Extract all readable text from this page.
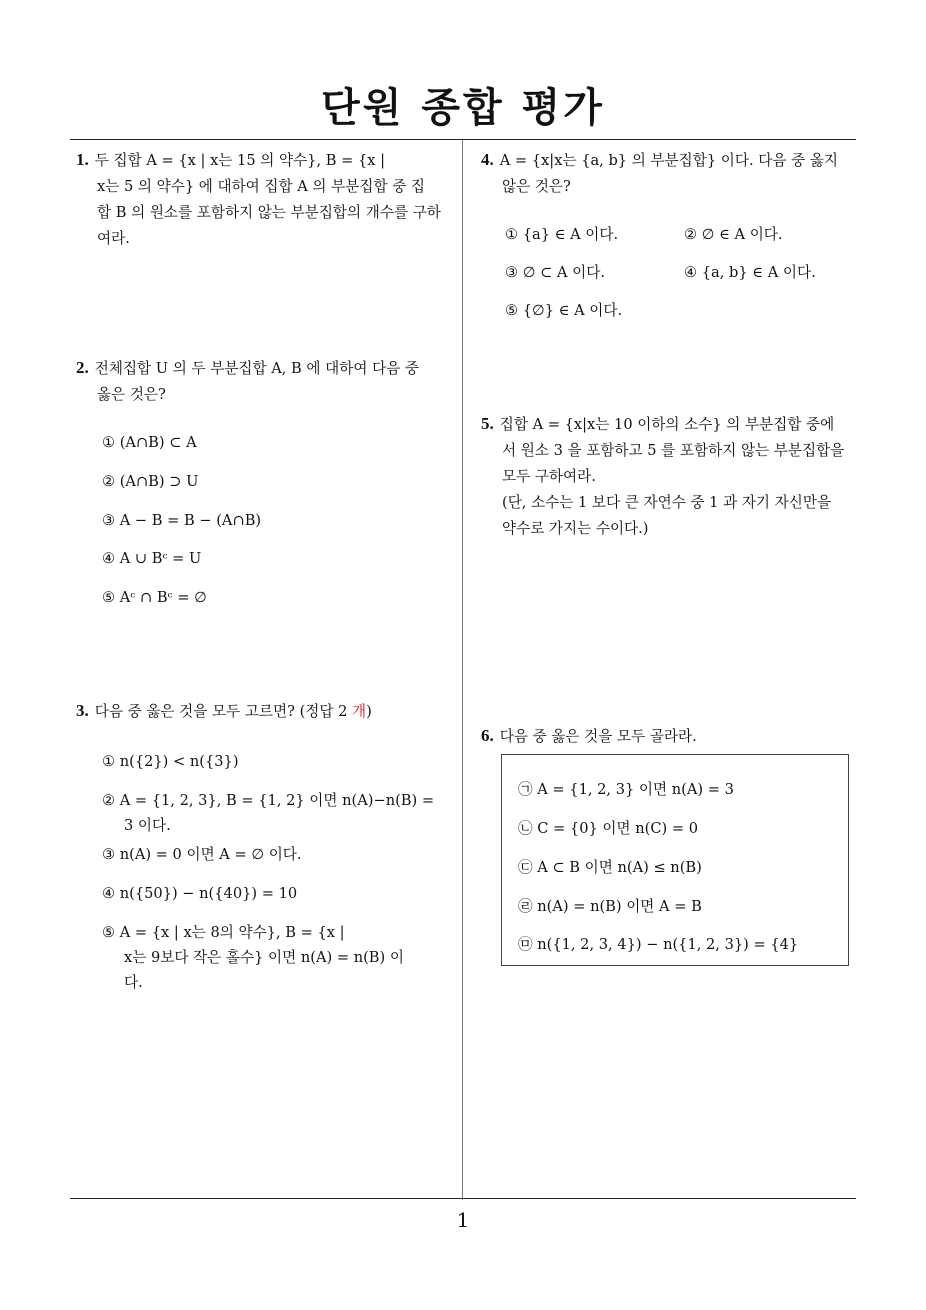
단원 종합 평가
1. 두 집합 A = {x | x는 15 의 약수}, B = {x |
x는 5 의 약수} 에 대하여 집합 A 의 부분집합 중 집
합 B 의 원소를 포함하지 않는 부분집합의 개수를 구하
여라.
2. 전체집합 U 의 두 부분집합 A, B 에 대하여 다음 중
옳은 것은?
① (A∩B) ⊂ A
② (A∩B) ⊃ U
③ A − B = B − (A∩B)
④ A ∪ Bᶜ = U
⑤ Aᶜ ∩ Bᶜ = ∅
3. 다음 중 옳은 것을 모두 고르면? (정답 2 개)
① n({2}) < n({3})
② A = {1, 2, 3}, B = {1, 2} 이면 n(A)−n(B) =
3 이다.
③ n(A) = 0 이면 A = ∅ 이다.
④ n({50}) − n({40}) = 10
⑤ A = {x | x는 8의 약수}, B = {x |
x는 9보다 작은 홀수} 이면 n(A) = n(B) 이
다.
4. A = {x|x는 {a, b} 의 부분집합} 이다. 다음 중 옳지
않은 것은?
① {a} ∈ A 이다.	② ∅ ∈ A 이다.
③ ∅ ⊂ A 이다.	④ {a, b} ∈ A 이다.
⑤ {∅} ∈ A 이다.
5. 집합 A = {x|x는 10 이하의 소수} 의 부분집합 중에
서 원소 3 을 포함하고 5 를 포함하지 않는 부분집합을
모두 구하여라.
(단, 소수는 1 보다 큰 자연수 중 1 과 자기 자신만을
약수로 가지는 수이다.)
6. 다음 중 옳은 것을 모두 골라라.
㉠ A = {1, 2, 3} 이면 n(A) = 3
㉡ C = {0} 이면 n(C) = 0
㉢ A ⊂ B 이면 n(A) ≤ n(B)
㉣ n(A) = n(B) 이면 A = B
㉤ n({1, 2, 3, 4}) − n({1, 2, 3}) = {4}
1
